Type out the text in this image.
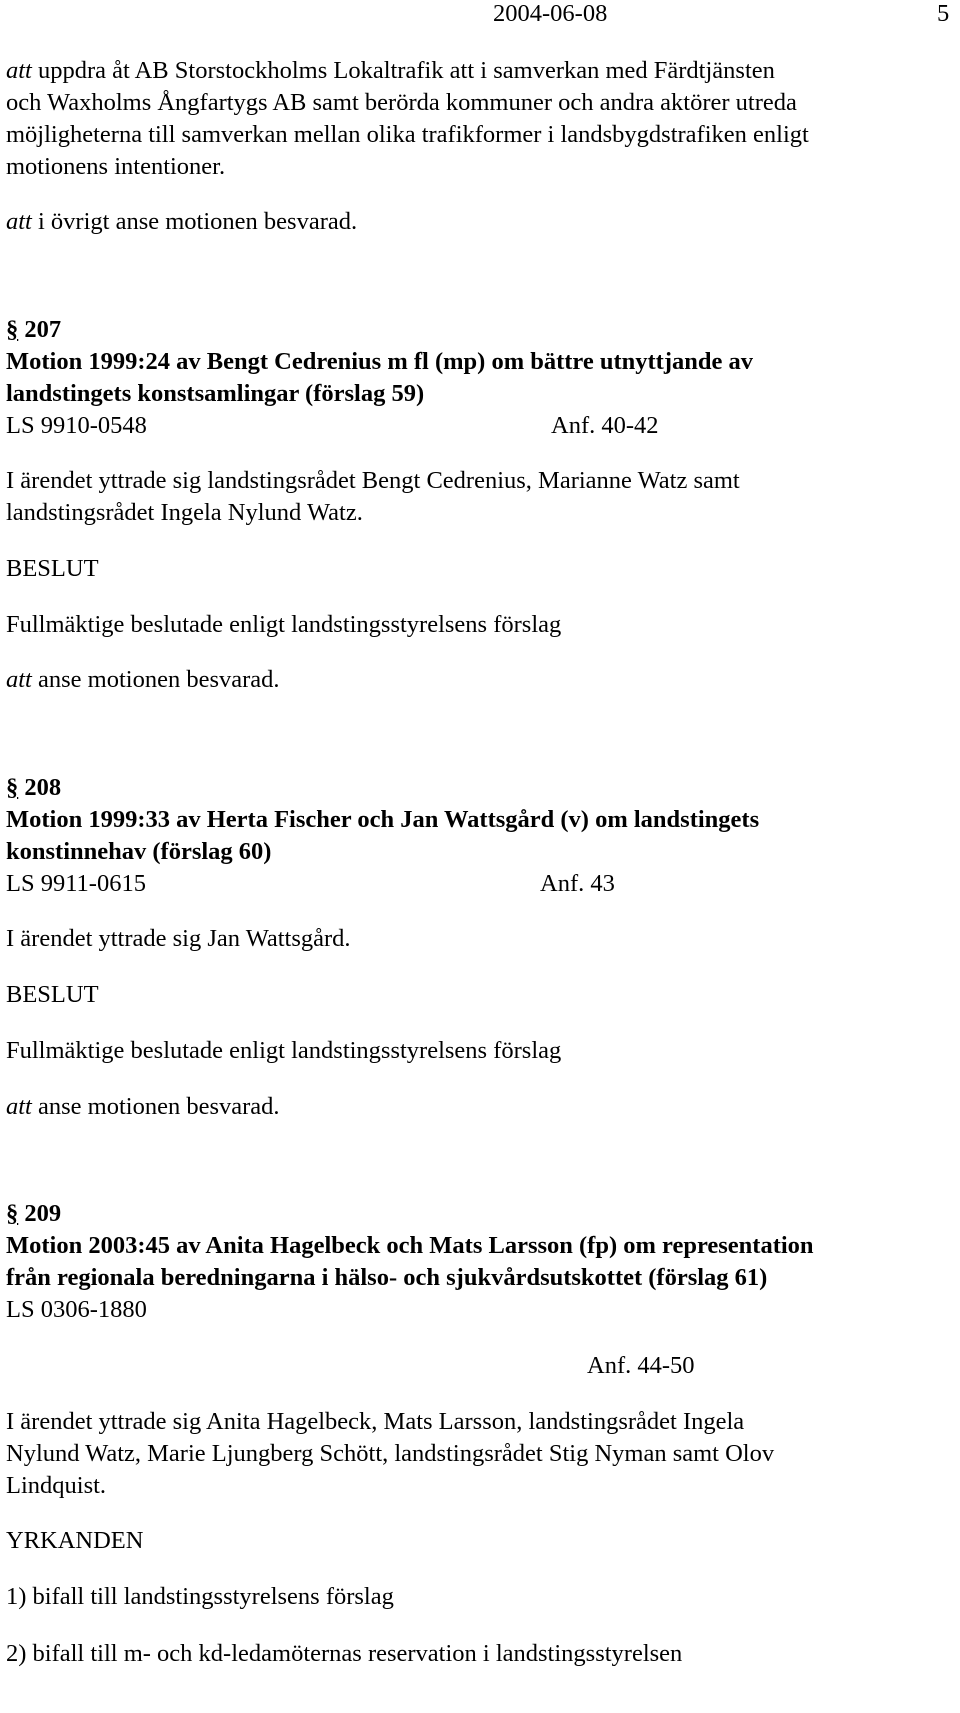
2004-06-08	5
att uppdra åt AB Storstockholms Lokaltrafik att i samverkan med Färdtjänsten
och Waxholms Ångfartygs AB samt berörda kommuner och andra aktörer utreda
möjligheterna till samverkan mellan olika trafikformer i landsbygdstrafiken enligt
motionens intentioner.
att i övrigt anse motionen besvarad.
§ 207
Motion 1999:24 av Bengt Cedrenius m fl (mp) om bättre utnyttjande av
landstingets konstsamlingar (förslag 59)
LS 9910-0548	Anf. 40-42
I ärendet yttrade sig landstingsrådet Bengt Cedrenius, Marianne Watz samt
landstingsrådet Ingela Nylund Watz.
BESLUT
Fullmäktige beslutade enligt landstingsstyrelsens förslag
att anse motionen besvarad.
§ 208
Motion 1999:33 av Herta Fischer och Jan Wattsgård (v) om landstingets
konstinnehav (förslag 60)
LS 9911-0615	Anf. 43
I ärendet yttrade sig Jan Wattsgård.
BESLUT
Fullmäktige beslutade enligt landstingsstyrelsens förslag
att anse motionen besvarad.
§ 209
Motion 2003:45 av Anita Hagelbeck och Mats Larsson (fp) om representation
från regionala beredningarna i hälso- och sjukvårdsutskottet (förslag 61)
LS 0306-1880
Anf. 44-50
I ärendet yttrade sig Anita Hagelbeck, Mats Larsson, landstingsrådet Ingela
Nylund Watz, Marie Ljungberg Schött, landstingsrådet Stig Nyman samt Olov
Lindquist.
YRKANDEN
1) bifall till landstingsstyrelsens förslag
2) bifall till m- och kd-ledamöternas reservation i landstingsstyrelsen
